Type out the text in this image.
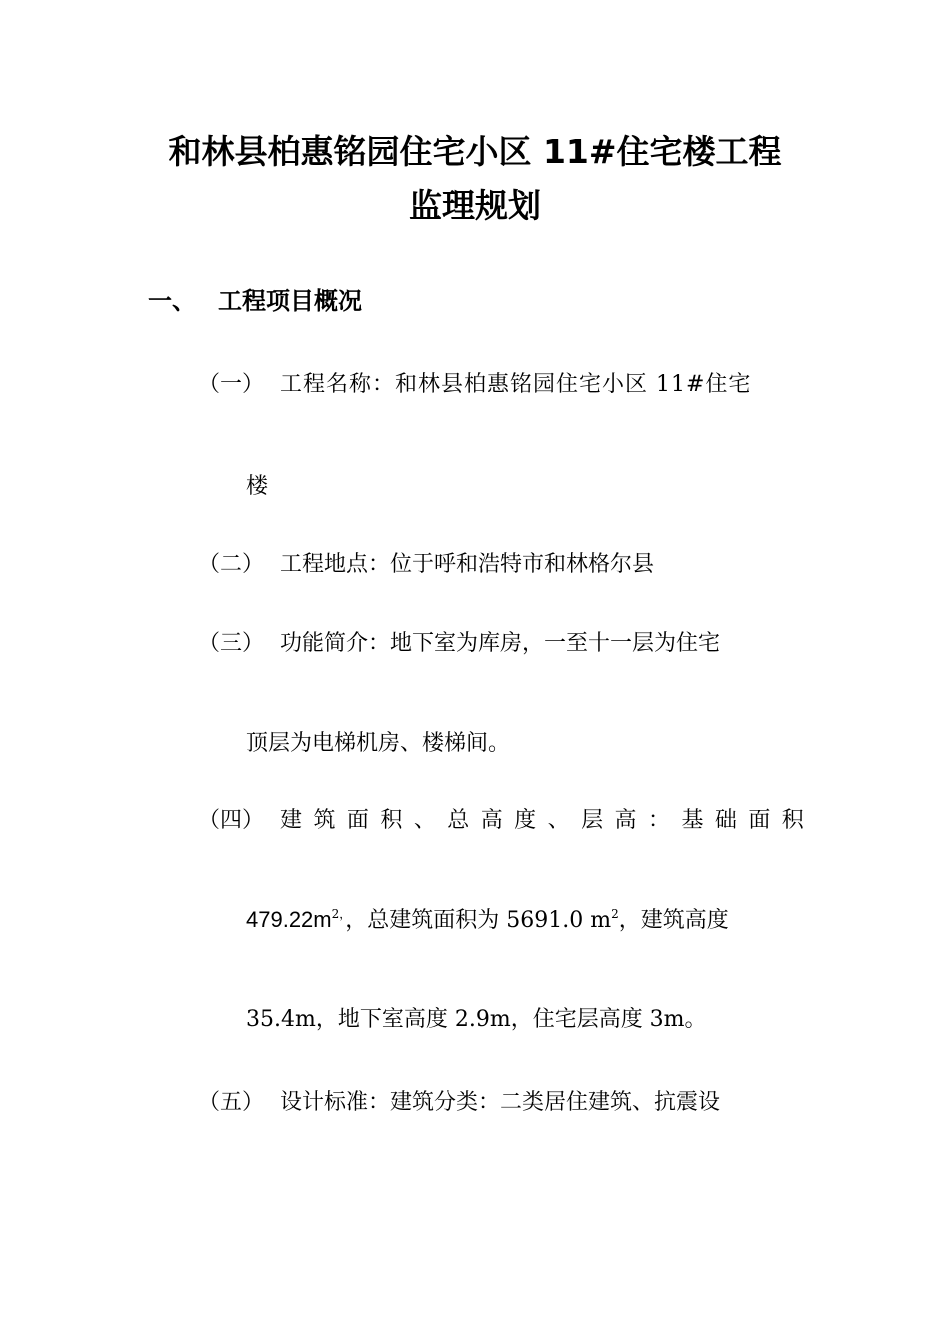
和林县柏惠铭园住宅小区 11#住宅楼工程
监理规划
一、 工程项目概况
（一） 工程名称：和林县柏惠铭园住宅小区 11#住宅
楼
（二） 工程地点：位于呼和浩特市和林格尔县
（三） 功能简介：地下室为库房，一至十一层为住宅
顶层为电梯机房、楼梯间。
（四） 建 筑 面 积 、 总 高 度 、 层 高 ： 基 础 面 积
$479.22m^{2,}$，总建筑面积为 5691.0 $m^2$，建筑高度
35.4m，地下室高度 2.9m，住宅层高度 3m。
（五） 设计标准：建筑分类：二类居住建筑、抗震设
